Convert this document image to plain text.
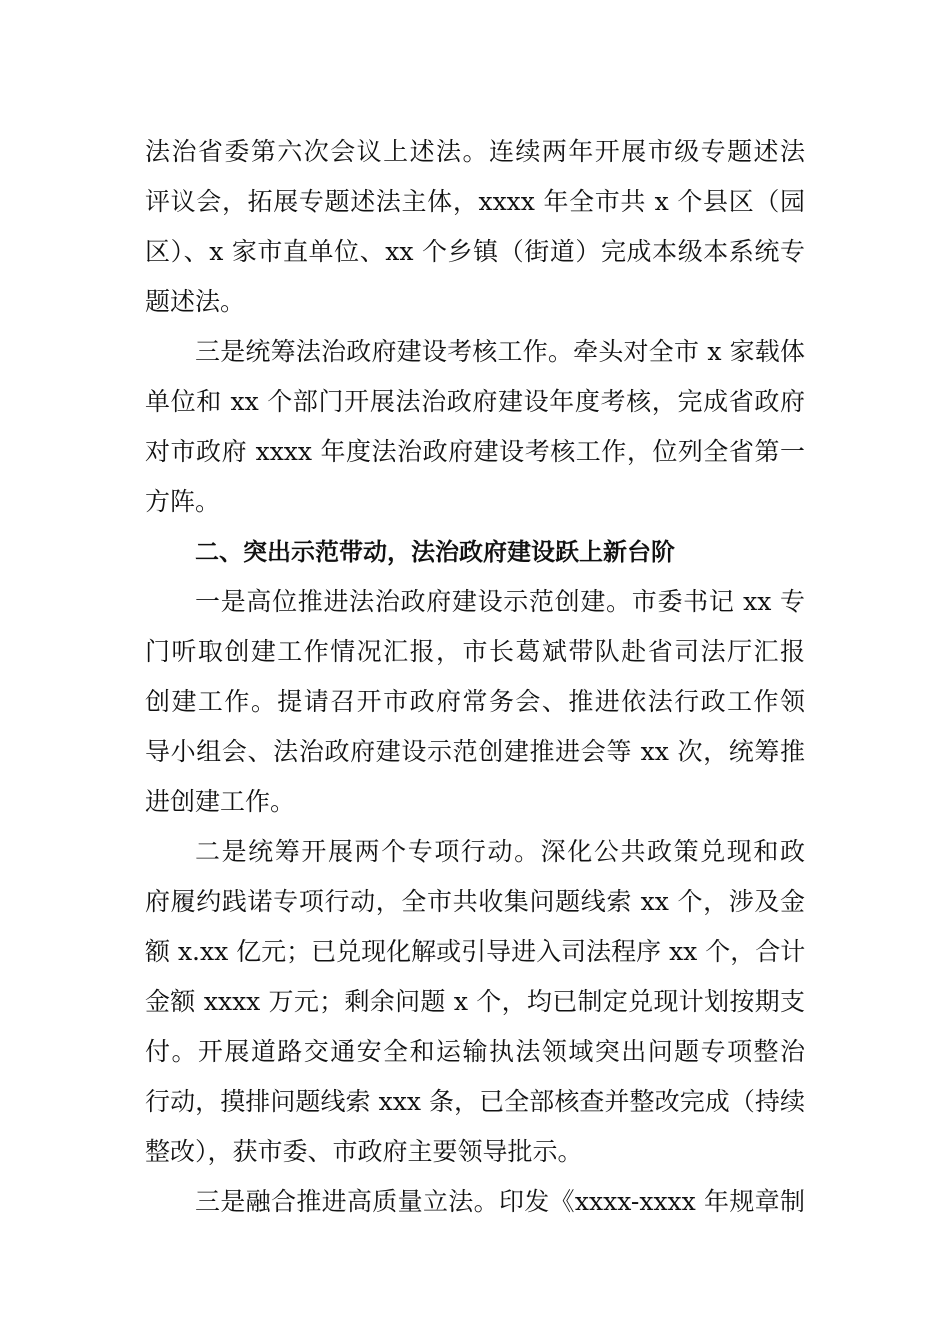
法治省委第六次会议上述法。连续两年开展市级专题述法

评议会，拓展专题述法主体，xxxx 年全市共 x 个县区（园

区）、x 家市直单位、xx 个乡镇（街道）完成本级本系统专

题述法。

三是统筹法治政府建设考核工作。牵头对全市 x 家载体

单位和 xx 个部门开展法治政府建设年度考核，完成省政府

对市政府 xxxx 年度法治政府建设考核工作，位列全省第一

方阵。

二、突出示范带动，法治政府建设跃上新台阶

一是高位推进法治政府建设示范创建。市委书记 xx 专

门听取创建工作情况汇报，市长葛斌带队赴省司法厅汇报

创建工作。提请召开市政府常务会、推进依法行政工作领

导小组会、法治政府建设示范创建推进会等 xx 次，统筹推

进创建工作。

二是统筹开展两个专项行动。深化公共政策兑现和政

府履约践诺专项行动，全市共收集问题线索 xx 个，涉及金

额 x.xx 亿元；已兑现化解或引导进入司法程序 xx 个，合计

金额 xxxx 万元；剩余问题 x 个，均已制定兑现计划按期支

付。开展道路交通安全和运输执法领域突出问题专项整治

行动，摸排问题线索 xxx 条，已全部核查并整改完成（持续

整改），获市委、市政府主要领导批示。

三是融合推进高质量立法。印发《xxxx-xxxx 年规章制
